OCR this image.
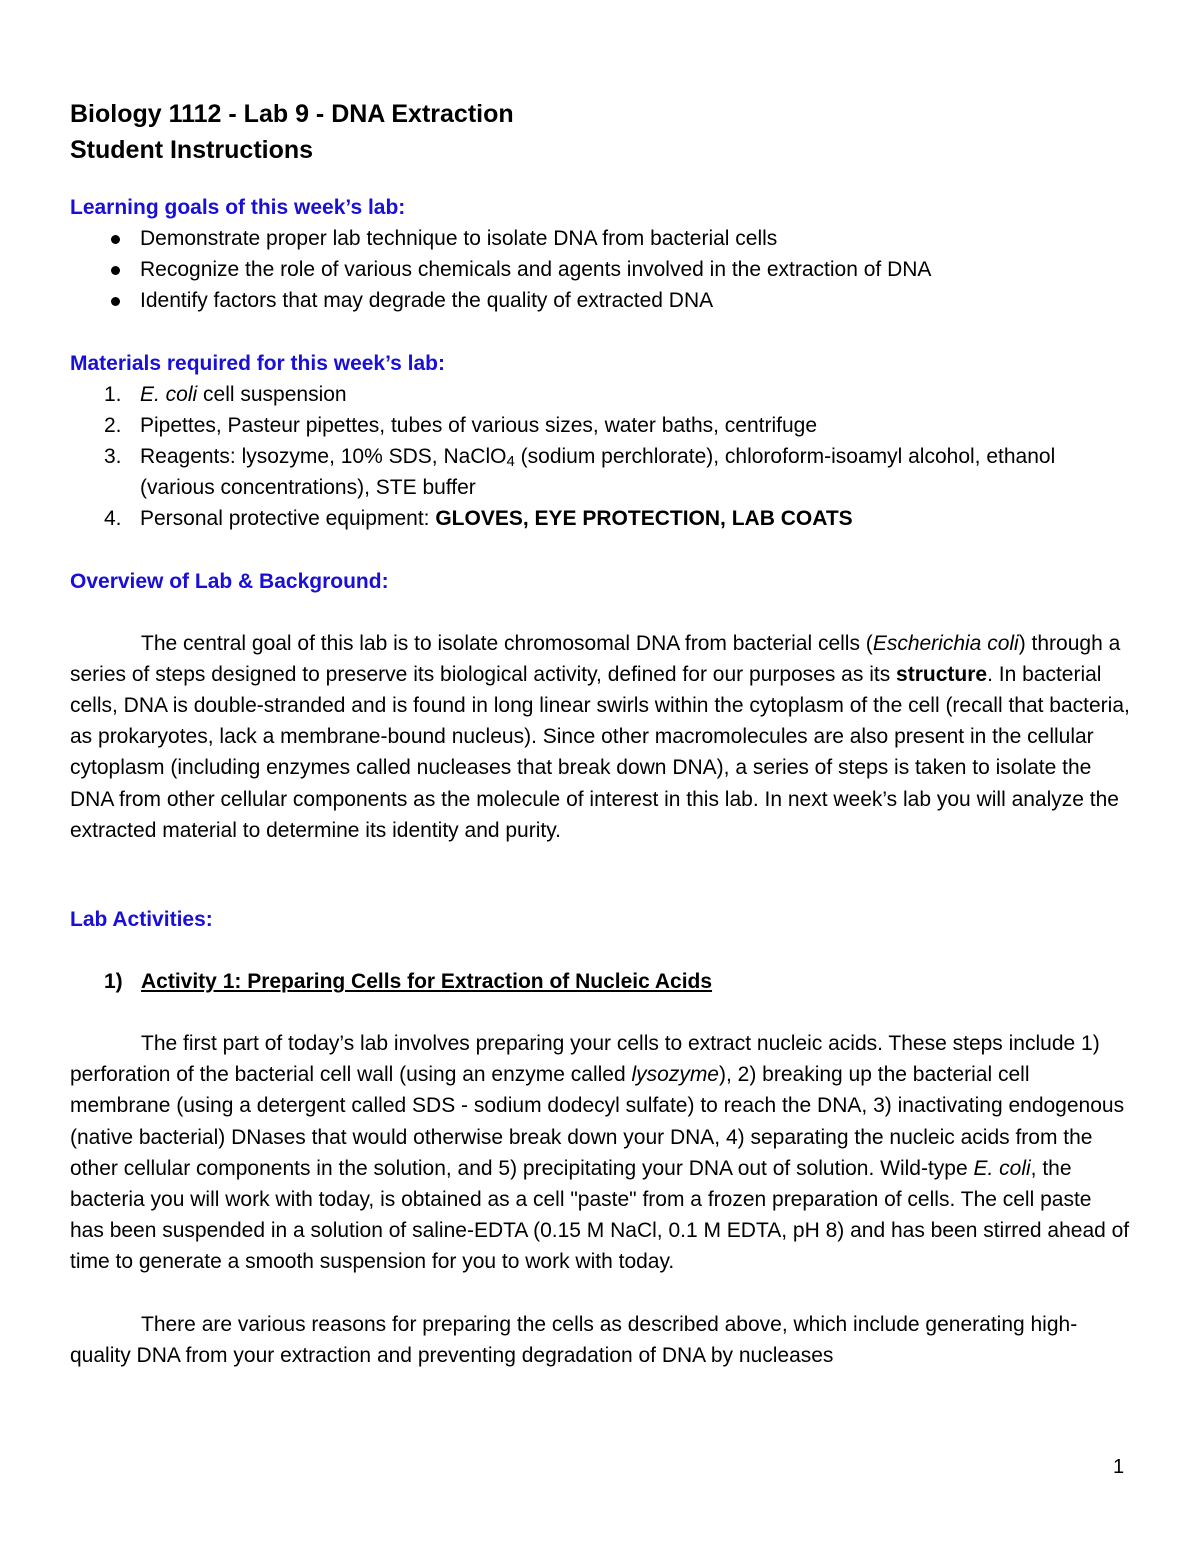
Biology 1112 - Lab 9 - DNA Extraction
Student Instructions
Learning goals of this week’s lab:
Demonstrate proper lab technique to isolate DNA from bacterial cells
Recognize the role of various chemicals and agents involved in the extraction of DNA
Identify factors that may degrade the quality of extracted DNA
Materials required for this week’s lab:
1. E. coli cell suspension
2. Pipettes, Pasteur pipettes, tubes of various sizes, water baths, centrifuge
3. Reagents: lysozyme, 10% SDS, NaClO$_4$ (sodium perchlorate), chloroform-isoamyl alcohol, ethanol (various concentrations), STE buffer
4. Personal protective equipment: GLOVES, EYE PROTECTION, LAB COATS
Overview of Lab & Background:

The central goal of this lab is to isolate chromosomal DNA from bacterial cells (Escherichia coli) through a series of steps designed to preserve its biological activity, defined for our purposes as its structure. In bacterial cells, DNA is double-stranded and is found in long linear swirls within the cytoplasm of the cell (recall that bacteria, as prokaryotes, lack a membrane-bound nucleus). Since other macromolecules are also present in the cellular cytoplasm (including enzymes called nucleases that break down DNA), a series of steps is taken to isolate the DNA from other cellular components as the molecule of interest in this lab. In next week’s lab you will analyze the extracted material to determine its identity and purity.

Lab Activities:
1) Activity 1: Preparing Cells for Extraction of Nucleic Acids

The first part of today’s lab involves preparing your cells to extract nucleic acids. These steps include 1) perforation of the bacterial cell wall (using an enzyme called lysozyme), 2) breaking up the bacterial cell membrane (using a detergent called SDS - sodium dodecyl sulfate) to reach the DNA, 3) inactivating endogenous (native bacterial) DNases that would otherwise break down your DNA, 4) separating the nucleic acids from the other cellular components in the solution, and 5) precipitating your DNA out of solution. Wild-type E. coli, the bacteria you will work with today, is obtained as a cell "paste" from a frozen preparation of cells. The cell paste has been suspended in a solution of saline-EDTA (0.15 M NaCl, 0.1 M EDTA, pH 8) and has been stirred ahead of time to generate a smooth suspension for you to work with today.

There are various reasons for preparing the cells as described above, which include generating high-quality DNA from your extraction and preventing degradation of DNA by nucleases

1
